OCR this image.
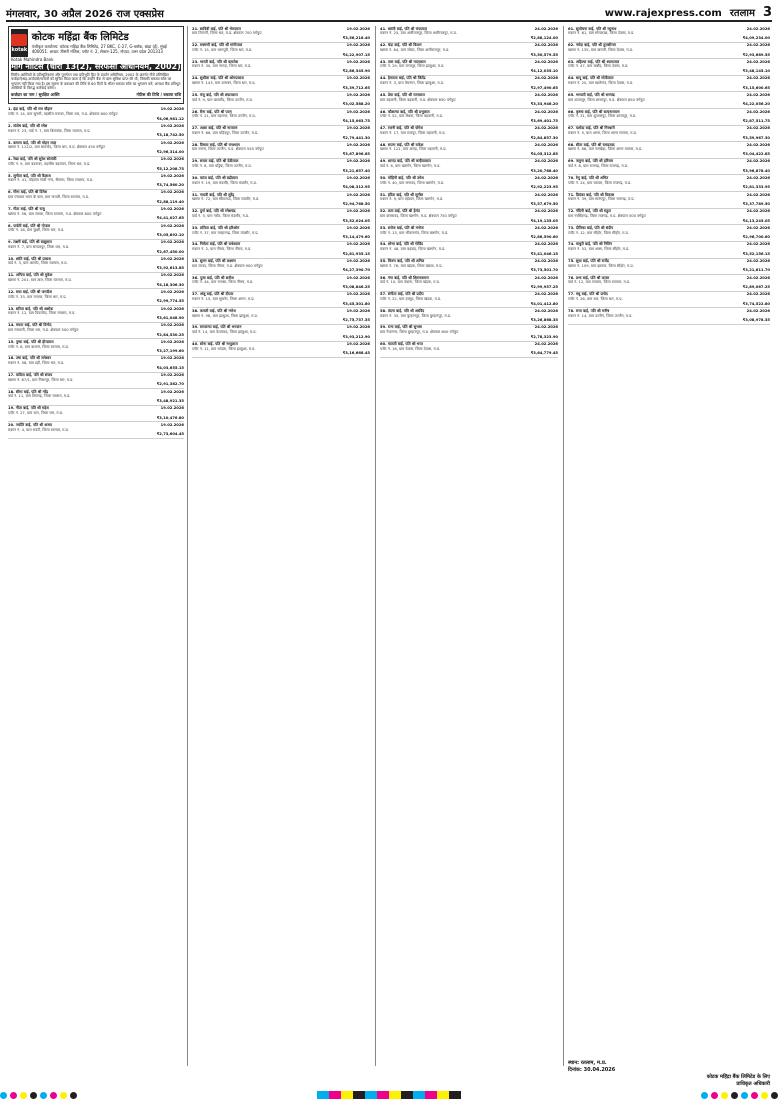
मंगलवार, 30 अप्रैल 2026 राज एक्सप्रेस	www.rajexpress.com रतलाम 3
kotak
कोटक महिंद्रा बैंक लिमिटेड
पंजीकृत कार्यालय: कोटक महिंद्रा बैंक लिमिटेड, 27 BKC, C-27, G-ब्लॉक, बांद्रा (ई), मुंबई 400051. शाखा: तीसरी मंजिल, प्लॉट नं. 2, सेक्टर-125, नोएडा, उत्तर प्रदेश 201313
Kotak Mahindra Bank
मांग नोटिस (धारा 13(2), सरफेसी अधिनियम, 2002)
वित्तीय आस्तियों के प्रतिभूतिकरण और पुनर्गठन तथा प्रतिभूति हित के प्रवर्तन अधिनियम, 2002 के अंतर्गत नीचे उल्लिखित कर्जदारों/सह-कर्जदारों/गारंटरों को सूचित किया जाता है कि उन्होंने बैंक से ऋण सुविधा प्राप्त की थी, जिसकी बकाया राशि का भुगतान नहीं किया गया है। इस सूचना के प्रकाशन की तिथि से 60 दिनों के भीतर बकाया राशि का भुगतान करें, अन्यथा बैंक प्रतिभूत आस्तियों के विरुद्ध कार्रवाई करेगा।
कर्जदार का नाम / सुरक्षित आस्ति	नोटिस की तिथि / बकाया राशि
1. इंद्रा बाई, पति श्री राम चौहान	19.02.2026
प्लॉट नं. 14, ग्राम सुनारी, तहसील मनावर, जिला धार, म.प्र. क्षेत्रफल 600 वर्गफुट
₹4,06,981.12
2. संतोष बाई, पति श्री रमेश	19.02.2026
मकान नं. 23, वार्ड नं. 7, ग्राम बिलपांक, जिला रतलाम, म.प्र.
₹3,18,742.50
3. कमला बाई, पति श्री मोहन लाल	19.02.2026
खसरा नं. 112/2, ग्राम धामनोद, जिला धार, म.प्र. क्षेत्रफल 450 वर्गफुट
₹2,96,314.00
4. रेखा बाई, पति श्री सुरेश सोलंकी	19.02.2026
प्लॉट नं. 9, ग्राम बदनावर, तहसील बदनावर, जिला धार, म.प्र.
₹5,12,208.75
5. सुनीता बाई, पति श्री कैलाश	19.02.2026
मकान नं. 41, मोहल्ला गांधी नगर, सैलाना, जिला रतलाम, म.प्र.
₹3,74,560.20
6. मीना बाई, पति श्री दिनेश	19.02.2026
ग्राम पंचायत भवन के पास, ग्राम नामली, जिला रतलाम, म.प्र.
₹2,88,119.40
7. गीता बाई, पति श्री राजू	19.02.2026
खसरा नं. 56, ग्राम जावरा, जिला रतलाम, म.प्र. क्षेत्रफल 800 वर्गफुट
₹4,41,027.65
8. पार्वती बाई, पति श्री गोपाल	19.02.2026
प्लॉट नं. 18, ग्राम कुक्षी, जिला धार, म.प्र.
₹3,05,892.10
9. लक्ष्मी बाई, पति श्री बाबूलाल	19.02.2026
मकान नं. 7, ग्राम सरदारपुर, जिला धार, म.प्र.
₹2,67,450.00
10. शांति बाई, पति श्री प्रकाश	19.02.2026
वार्ड नं. 3, ग्राम आलोट, जिला रतलाम, म.प्र.
₹3,92,613.85
11. अनिता बाई, पति श्री मुकेश	19.02.2026
खसरा नं. 201, ग्राम ताल, जिला रतलाम, म.प्र.
₹4,18,306.30
12. राधा बाई, पति श्री जगदीश	19.02.2026
प्लॉट नं. 33, ग्राम मनावर, जिला धार, म.प्र.
₹2,99,774.55
13. सरिता बाई, पति श्री अशोक	19.02.2026
मकान नं. 12, ग्राम पिपलोदा, जिला रतलाम, म.प्र.
₹3,61,048.90
14. ममता बाई, पति श्री विनोद	19.02.2026
ग्राम गंधवानी, जिला धार, म.प्र. क्षेत्रफल 500 वर्गफुट
₹2,84,530.25
15. पुष्पा बाई, पति श्री हीरालाल	19.02.2026
प्लॉट नं. 6, ग्राम बाजना, जिला रतलाम, म.प्र.
₹3,27,199.60
16. उषा बाई, पति श्री रामेश्वर	19.02.2026
मकान नं. 58, ग्राम डही, जिला धार, म.प्र.
₹4,03,655.15
17. कविता बाई, पति श्री संजय	19.02.2026
खसरा नं. 87/1, ग्राम निसरपुर, जिला धार, म.प्र.
₹2,91,382.70
18. सीमा बाई, पति श्री नरेंद्र	19.02.2026
वार्ड नं. 11, ग्राम शिवगढ़, जिला रतलाम, म.प्र.
₹3,48,921.35
19. नीता बाई, पति श्री महेश	19.02.2026
प्लॉट नं. 27, ग्राम बाग, जिला धार, म.प्र.
₹3,10,476.80
20. ज्योति बाई, पति श्री अजय	19.02.2026
मकान नं. 4, ग्राम रावटी, जिला रतलाम, म.प्र.
₹2,73,604.45
21. सावित्री बाई, पति श्री भेरूलाल	19.02.2026
ग्राम टिमरनी, जिला धार, म.प्र. क्षेत्रफल 700 वर्गफुट
₹3,56,218.40
22. रुक्मणी बाई, पति श्री मांगीलाल	19.02.2026
प्लॉट नं. 15, ग्राम धरमपुरी, जिला धार, म.प्र.
₹4,22,907.15
23. भारती बाई, पति श्री कमलेश	19.02.2026
मकान नं. 30, ग्राम नागदा, जिला धार, म.प्र.
₹2,86,345.90
24. सुशीला बाई, पति श्री ओमप्रकाश	19.02.2026
खसरा नं. 143, ग्राम उमरबन, जिला धार, म.प्र.
₹3,39,712.65
25. मंजू बाई, पति श्री शंकरलाल	19.02.2026
वार्ड नं. 9, ग्राम खाचरौद, जिला उज्जैन, म.प्र.
₹3,02,588.20
26. रीना बाई, पति श्री पवन	19.02.2026
प्लॉट नं. 21, ग्राम बड़नगर, जिला उज्जैन, म.प्र.
₹4,15,063.75
27. आशा बाई, पति श्री नारायण	19.02.2026
मकान नं. 66, ग्राम महिदपुर, जिला उज्जैन, म.प्र.
₹2,79,441.30
28. विमला बाई, पति श्री घनश्याम	19.02.2026
ग्राम तराना, जिला उज्जैन, म.प्र. क्षेत्रफल 550 वर्गफुट
₹3,67,896.85
29. सरला बाई, पति श्री देवीलाल	19.02.2026
प्लॉट नं. 8, ग्राम घट्टिया, जिला उज्जैन, म.प्र.
₹3,21,657.40
30. कांता बाई, पति श्री बद्रीलाल	19.02.2026
मकान नं. 19, ग्राम मंदसौर, जिला मंदसौर, म.प्र.
₹4,08,312.95
31. गायत्री बाई, पति श्री सुरेंद्र	19.02.2026
खसरा नं. 72, ग्राम सीतामऊ, जिला मंदसौर, म.प्र.
₹2,94,768.50
32. दुर्गा बाई, पति श्री रमेशचंद्र	19.02.2026
वार्ड नं. 5, ग्राम गरोठ, जिला मंदसौर, म.प्र.
₹3,52,024.05
33. ललिता बाई, पति श्री हरिओम	19.02.2026
प्लॉट नं. 37, ग्राम मल्हारगढ़, जिला मंदसौर, म.प्र.
₹3,14,479.60
34. निर्मला बाई, पति श्री राधेश्याम	19.02.2026
मकान नं. 2, ग्राम नीमच, जिला नीमच, म.प्र.
₹2,81,935.15
35. सुमन बाई, पति श्री लक्ष्मण	19.02.2026
ग्राम जावद, जिला नीमच, म.प्र. क्षेत्रफल 900 वर्गफुट
₹4,27,390.70
36. पूजा बाई, पति श्री सतीश	19.02.2026
प्लॉट नं. 44, ग्राम मनासा, जिला नीमच, म.प्र.
₹3,08,846.25
37. अंजू बाई, पति श्री दीपक	19.02.2026
मकान नं. 15, ग्राम सुसनेर, जिला आगर, म.प्र.
₹3,45,301.80
38. कमली बाई, पति श्री गणेश	19.02.2026
खसरा नं. 98, ग्राम झाबुआ, जिला झाबुआ, म.प्र.
₹2,75,757.35
39. रामकन्या बाई, पति श्री भगवान	19.02.2026
वार्ड नं. 14, ग्राम पेटलावद, जिला झाबुआ, म.प्र.
₹3,93,212.90
40. सोना बाई, पति श्री नाथूलाल	19.02.2026
प्लॉट नं. 11, ग्राम थांदला, जिला झाबुआ, म.प्र.
₹3,16,668.45
41. बसंती बाई, पति श्री चंपालाल	24.02.2026
मकान नं. 25, ग्राम अलीराजपुर, जिला अलीराजपुर, म.प्र.
₹2,88,124.00
42. चंदा बाई, पति श्री किशन	24.02.2026
खसरा नं. 64, ग्राम जोबट, जिला अलीराजपुर, म.प्र.
₹3,50,579.55
43. तारा बाई, पति श्री मदनलाल	24.02.2026
प्लॉट नं. 29, ग्राम राणापुर, जिला झाबुआ, म.प्र.
₹4,12,035.10
44. हेमलता बाई, पति श्री जितेंद्र	24.02.2026
मकान नं. 3, ग्राम मेघनगर, जिला झाबुआ, म.प्र.
₹2,97,490.65
45. प्रेमा बाई, पति श्री रतनलाल	24.02.2026
ग्राम बड़वानी, जिला बड़वानी, म.प्र. क्षेत्रफल 650 वर्गफुट
₹3,33,946.20
46. कौशल्या बाई, पति श्री प्रभुलाल	24.02.2026
प्लॉट नं. 52, ग्राम सेंधवा, जिला बड़वानी, म.प्र.
₹3,69,401.75
47. रजनी बाई, पति श्री योगेश	24.02.2026
मकान नं. 17, ग्राम राजपुर, जिला बड़वानी, म.प्र.
₹2,84,857.30
48. सपना बाई, पति श्री राकेश	24.02.2026
खसरा नं. 121, ग्राम अंजड़, जिला बड़वानी, म.प्र.
₹4,05,312.85
49. शारदा बाई, पति श्री कन्हैयालाल	24.02.2026
वार्ड नं. 6, ग्राम खरगोन, जिला खरगोन, म.प्र.
₹3,20,768.40
50. मोहिनी बाई, पति श्री उमेश	24.02.2026
प्लॉट नं. 40, ग्राम सनावद, जिला खरगोन, म.प्र.
₹2,92,223.95
51. इंदिरा बाई, पति श्री सुनील	24.02.2026
मकान नं. 9, ग्राम महेश्वर, जिला खरगोन, म.प्र.
₹3,57,679.50
52. लता बाई, पति श्री हेमंत	24.02.2026
ग्राम कसरावद, जिला खरगोन, म.प्र. क्षेत्रफल 750 वर्गफुट
₹4,19,135.05
53. सरोज बाई, पति श्री मनोज	24.02.2026
प्लॉट नं. 13, ग्राम भीकनगांव, जिला खरगोन, म.प्र.
₹2,86,590.60
54. शोभा बाई, पति श्री गोविंद	24.02.2026
मकान नं. 48, ग्राम बड़वाह, जिला खरगोन, म.प्र.
₹3,41,046.15
55. किरण बाई, पति श्री अनिल	24.02.2026
खसरा नं. 76, ग्राम खंडवा, जिला खंडवा, म.प्र.
₹3,73,501.70
56. गंगा बाई, पति श्री शिवनारायण	24.02.2026
वार्ड नं. 10, ग्राम पंधाना, जिला खंडवा, म.प्र.
₹2,99,957.25
57. संगीता बाई, पति श्री प्रदीप	24.02.2026
प्लॉट नं. 22, ग्राम हरसूद, जिला खंडवा, म.प्र.
₹4,01,412.80
58. वंदना बाई, पति श्री अरविंद	24.02.2026
मकान नं. 35, ग्राम बुरहानपुर, जिला बुरहानपुर, म.प्र.
₹3,26,868.35
59. रत्ना बाई, पति श्री सुभाष	24.02.2026
ग्राम नेपानगर, जिला बुरहानपुर, म.प्र. क्षेत्रफल 600 वर्गफुट
₹2,78,323.90
60. मालती बाई, पति श्री भरत	24.02.2026
प्लॉट नं. 16, ग्राम देवास, जिला देवास, म.प्र.
₹3,64,779.45
61. सुलोचना बाई, पति श्री रघुनाथ	24.02.2026
मकान नं. 61, ग्राम सोनकच्छ, जिला देवास, म.प्र.
₹4,09,234.00
62. नर्मदा बाई, पति श्री तुलसीराम	24.02.2026
खसरा नं. 135, ग्राम बागली, जिला देवास, म.प्र.
₹2,93,689.55
63. अहिल्या बाई, पति श्री श्यामलाल	24.02.2026
प्लॉट नं. 47, ग्राम कन्नौद, जिला देवास, म.प्र.
₹3,48,145.10
64. धापू बाई, पति श्री मोतीलाल	24.02.2026
मकान नं. 20, ग्राम खातेगांव, जिला देवास, म.प्र.
₹3,15,600.65
65. भगवती बाई, पति श्री रामचंद्र	24.02.2026
ग्राम शाजापुर, जिला शाजापुर, म.प्र. क्षेत्रफल 850 वर्गफुट
₹4,22,056.20
66. कृष्णा बाई, पति श्री सत्यनारायण	24.02.2026
प्लॉट नं. 31, ग्राम शुजालपुर, जिला शाजापुर, म.प्र.
₹2,87,511.75
67. यशोदा बाई, पति श्री गिरधारी	24.02.2026
मकान नं. 5, ग्राम आगर, जिला आगर मालवा, म.प्र.
₹3,59,967.30
68. सीता बाई, पति श्री रामप्रसाद	24.02.2026
खसरा नं. 88, ग्राम नलखेड़ा, जिला आगर मालवा, म.प्र.
₹3,04,422.85
69. जमुना बाई, पति श्री हरिराम	24.02.2026
वार्ड नं. 8, ग्राम राजगढ़, जिला राजगढ़, म.प्र.
₹3,96,878.40
70. रेणु बाई, पति श्री अमित	24.02.2026
प्लॉट नं. 24, ग्राम ब्यावरा, जिला राजगढ़, म.प्र.
₹2,81,333.95
71. प्रियंका बाई, पति श्री विकास	24.02.2026
मकान नं. 39, ग्राम सारंगपुर, जिला राजगढ़, म.प्र.
₹3,37,789.50
72. नंदिनी बाई, पति श्री राहुल	24.02.2026
ग्राम नरसिंहगढ़, जिला राजगढ़, म.प्र. क्षेत्रफल 500 वर्गफुट
₹4,13,245.05
73. दीपिका बाई, पति श्री संदीप	24.02.2026
प्लॉट नं. 12, ग्राम सीहोर, जिला सीहोर, म.प्र.
₹2,96,700.60
74. माधुरी बाई, पति श्री नितिन	24.02.2026
मकान नं. 53, ग्राम आष्टा, जिला सीहोर, म.प्र.
₹3,52,156.15
75. सुधा बाई, पति श्री राजेंद्र	24.02.2026
खसरा नं. 109, ग्राम इछावर, जिला सीहोर, म.प्र.
₹3,21,611.70
76. प्रभा बाई, पति श्री कमल	24.02.2026
वार्ड नं. 12, ग्राम रतलाम, जिला रतलाम, म.प्र.
₹2,89,067.25
77. मधु बाई, पति श्री प्रमोद	24.02.2026
प्लॉट नं. 26, ग्राम धार, जिला धार, म.प्र.
₹3,74,522.80
78. रूपा बाई, पति श्री मनीष	24.02.2026
मकान नं. 14, ग्राम उज्जैन, जिला उज्जैन, म.प्र.
₹3,08,978.35
स्थान: रतलाम, म.प्र.
दिनांक: 30.04.2026
कोटक महिंद्रा बैंक लिमिटेड के लिए
प्राधिकृत अधिकारी
